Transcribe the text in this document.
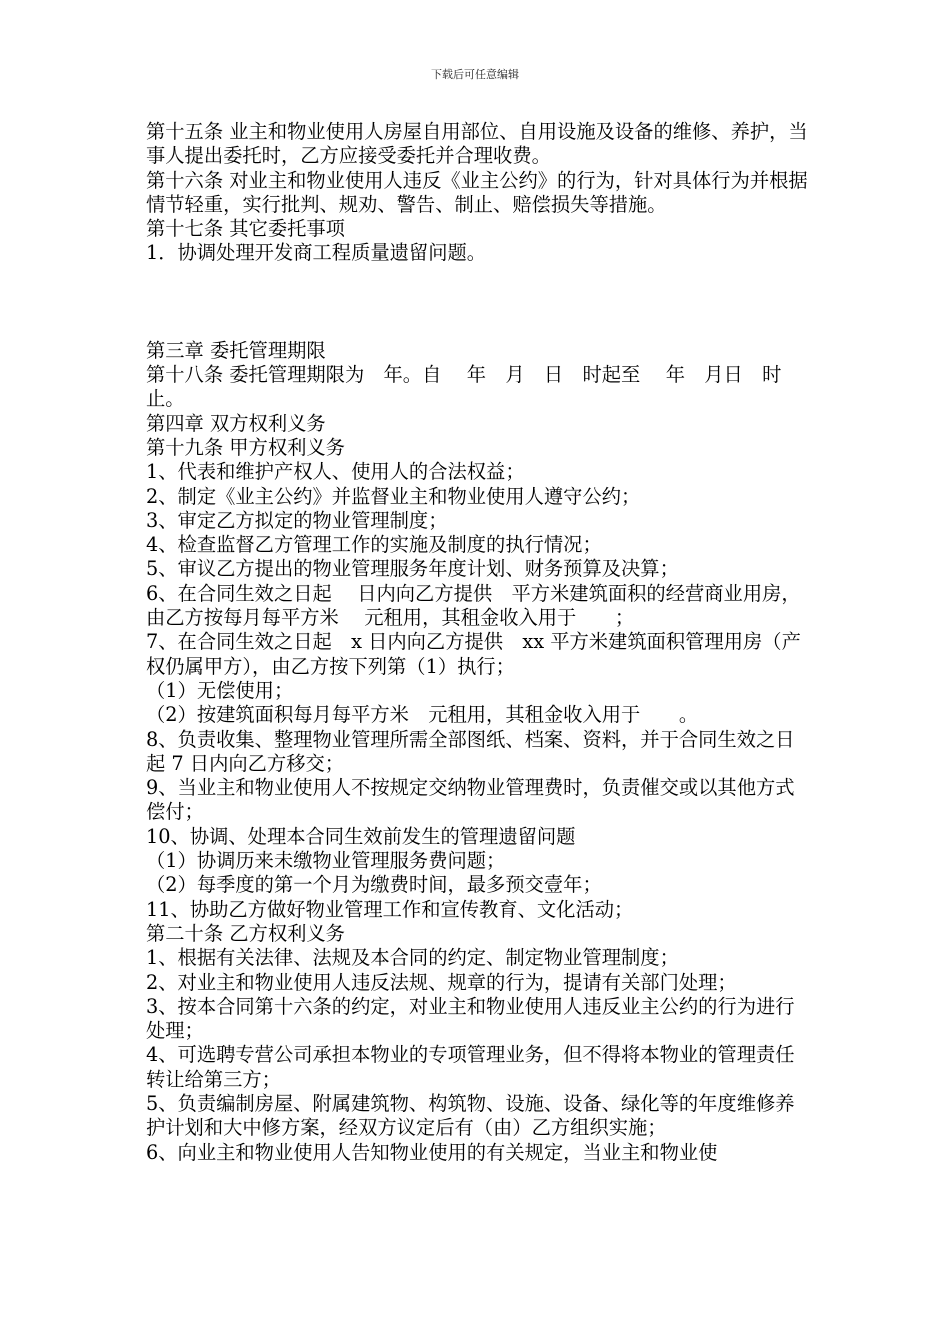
下载后可任意编辑

第十五条 业主和物业使用人房屋自用部位、自用设施及设备的维修、养护，当事人提出委托时，乙方应接受委托并合理收费。

第十六条 对业主和物业使用人违反《业主公约》的行为，针对具体行为并根据情节轻重，实行批判、规劝、警告、制止、赔偿损失等措施。

第十七条 其它委托事项

1．协调处理开发商工程质量遗留问题。

第三章 委托管理期限

第十八条 委托管理期限为　年。自　 年　月　日　时起至　 年　月日　时止。

第四章 双方权利义务

第十九条 甲方权利义务

1、代表和维护产权人、使用人的合法权益；

2、制定《业主公约》并监督业主和物业使用人遵守公约；

3、审定乙方拟定的物业管理制度；

4、检查监督乙方管理工作的实施及制度的执行情况；

5、审议乙方提出的物业管理服务年度计划、财务预算及决算；

6、在合同生效之日起　 日内向乙方提供　平方米建筑面积的经营商业用房，由乙方按每月每平方米　 元租用，其租金收入用于　　；

7、在合同生效之日起　x 日内向乙方提供　xx 平方米建筑面积管理用房（产权仍属甲方），由乙方按下列第（1）执行；

（1）无偿使用；

（2）按建筑面积每月每平方米　元租用，其租金收入用于　　。

8、负责收集、整理物业管理所需全部图纸、档案、资料，并于合同生效之日起 7 日内向乙方移交；

9、当业主和物业使用人不按规定交纳物业管理费时，负责催交或以其他方式偿付；

10、协调、处理本合同生效前发生的管理遗留问题

（1）协调历来未缴物业管理服务费问题；

（2）每季度的第一个月为缴费时间，最多预交壹年；

11、协助乙方做好物业管理工作和宣传教育、文化活动；

第二十条 乙方权利义务

1、根据有关法律、法规及本合同的约定、制定物业管理制度；

2、对业主和物业使用人违反法规、规章的行为，提请有关部门处理；

3、按本合同第十六条的约定，对业主和物业使用人违反业主公约的行为进行处理；

4、可选聘专营公司承担本物业的专项管理业务，但不得将本物业的管理责任转让给第三方；

5、负责编制房屋、附属建筑物、构筑物、设施、设备、绿化等的年度维修养护计划和大中修方案，经双方议定后有（由）乙方组织实施；

6、向业主和物业使用人告知物业使用的有关规定，当业主和物业使
